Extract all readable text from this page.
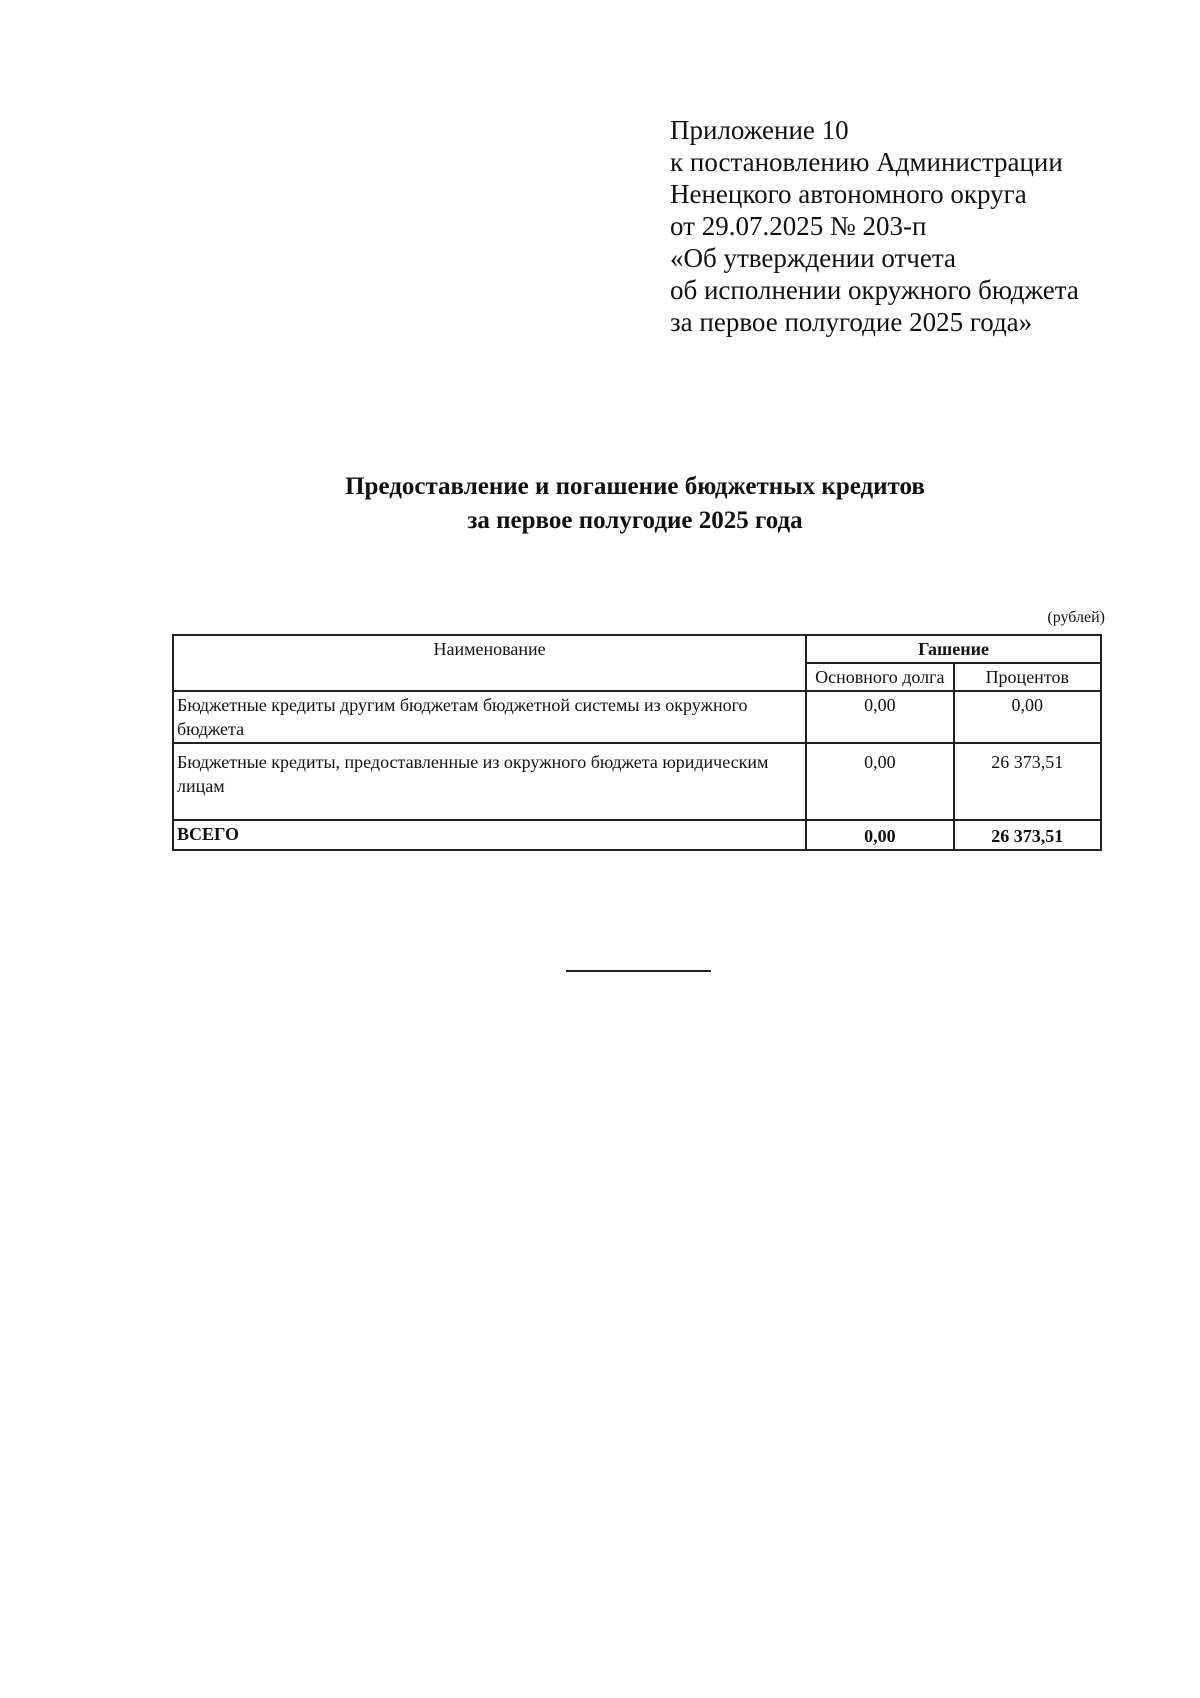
Приложение 10
к постановлению Администрации
Ненецкого автономного округа
от 29.07.2025 № 203-п
«Об утверждении отчета
об исполнении окружного бюджета
за первое полугодие 2025 года»
Предоставление и погашение бюджетных кредитов
за первое полугодие 2025 года
(рублей)
Наименование	Гашение	
	Основного долга	Процентов
Бюджетные кредиты другим бюджетам бюджетной системы из окружного бюджета	0,00	0,00
Бюджетные кредиты, предоставленные из окружного бюджета юридическим лицам	0,00	26 373,51
ВСЕГО	0,00	26 373,51
